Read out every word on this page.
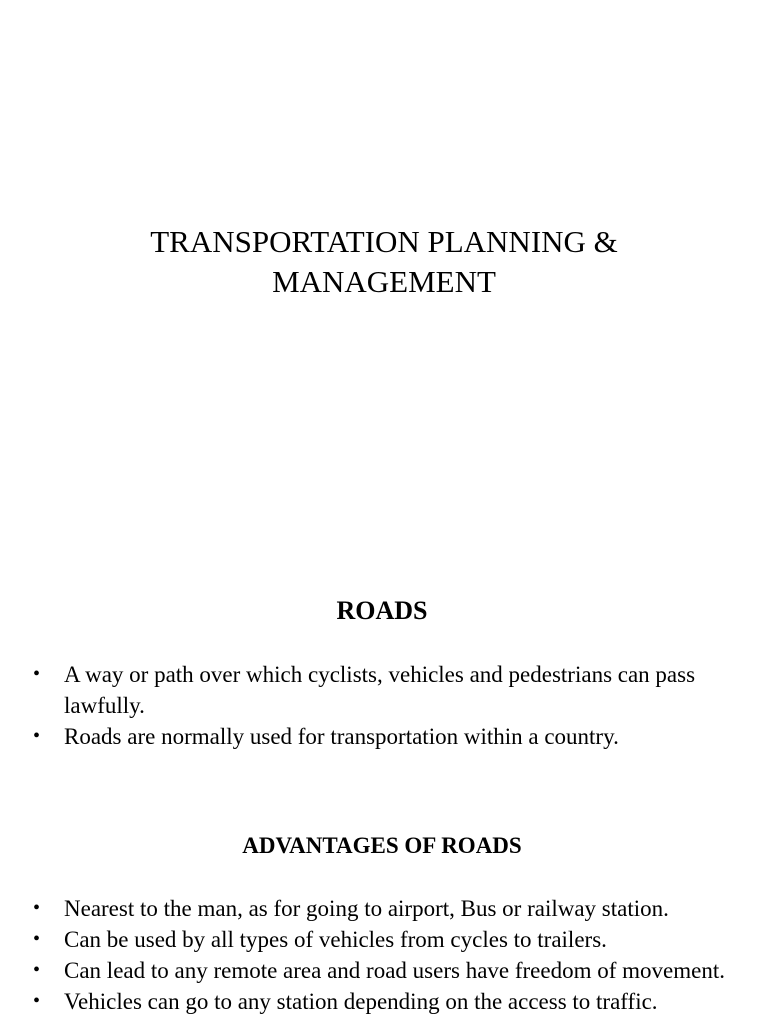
TRANSPORTATION PLANNING &
MANAGEMENT
ROADS
• A way or path over which cyclists, vehicles and pedestrians can pass lawfully.
• Roads are normally used for transportation within a country.
ADVANTAGES OF ROADS
• Nearest to the man, as for going to airport, Bus or railway station.
• Can be used by all types of vehicles from cycles to trailers.
• Can lead to any remote area and road users have freedom of movement.
• Vehicles can go to any station depending on the access to traffic.
